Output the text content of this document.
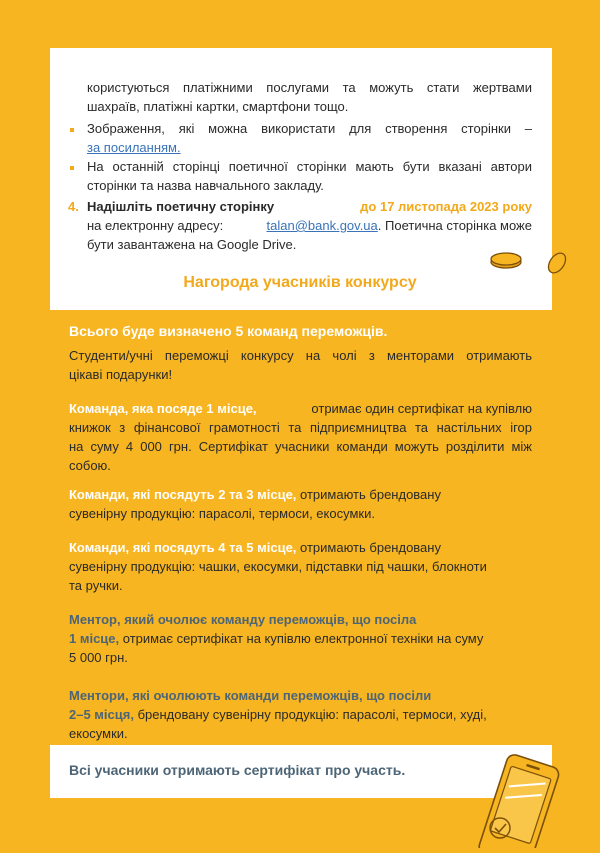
користуються платіжними послугами та можуть стати жертвами
шахраїв, платіжні картки, смартфони тощо.
Зображення, які можна використати для створення сторінки –
за посиланням.
На останній сторінці поетичної сторінки мають бути вказані автори
сторінки та назва навчального закладу.
4. Надішліть поетичну сторінку	до 17 листопада 2023 року
на електронну адресу:	talan@bank.gov.ua. Поетична сторінка може
бути завантажена на Google Drive.
Нагорода учасників конкурсу
Всього буде визначено 5 команд переможців.
Студенти/учні переможці конкурсу на чолі з менторами отримають
цікаві подарунки!
Команда, яка посяде 1 місце,	отримає один сертифікат на купівлю
книжок з фінансової грамотності та підприємництва та настільних ігор
на суму 4 000 грн. Сертифікат учасники команди можуть розділити між
собою.
Команди, які посядуть 2 та 3 місце, отримають брендовану
сувенірну продукцію: парасолі, термоси, екосумки.
Команди, які посядуть 4 та 5 місце, отримають брендовану
сувенірну продукцію: чашки, екосумки, підставки під чашки, блокноти
та ручки.
Ментор, який очолює команду переможців, що посіла
1 місце, отримає сертифікат на купівлю електронної техніки на суму
5 000 грн.
Ментори, які очолюють команди переможців, що посіли
2–5 місця, брендовану сувенірну продукцію: парасолі, термоси, худі,
екосумки.
Всі учасники отримають сертифікат про участь.
